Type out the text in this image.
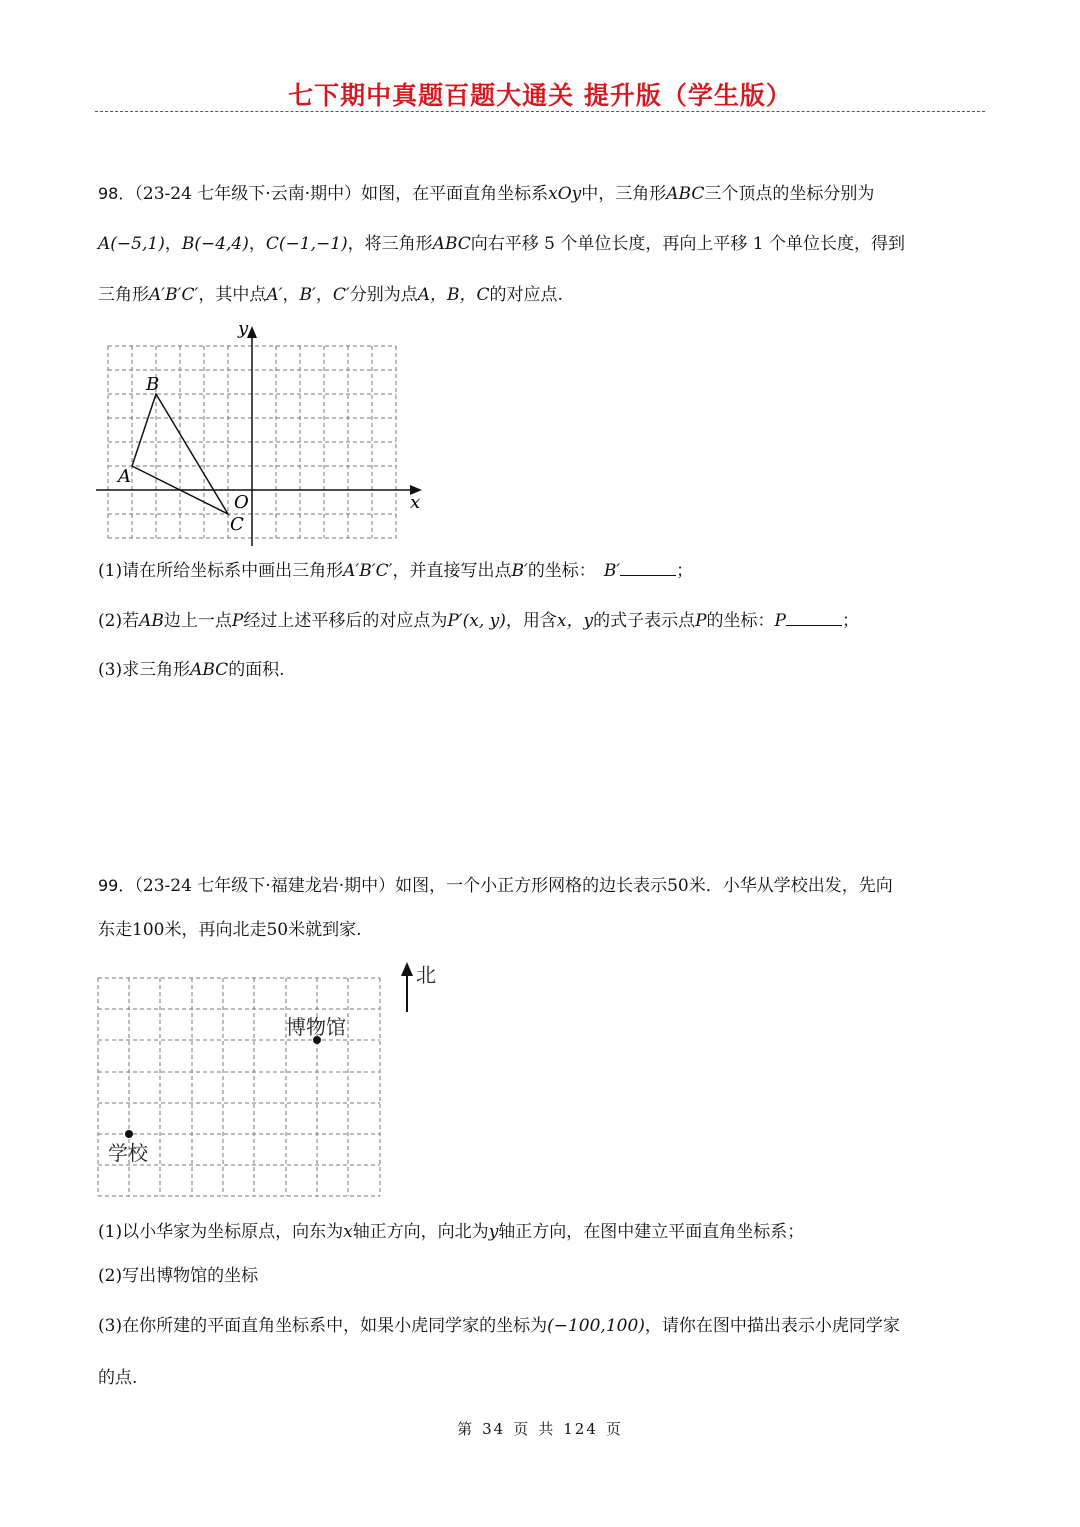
七下期中真题百题大通关 提升版（学生版）
98．（23-24 七年级下·云南·期中）如图，在平面直角坐标系xOy中，三角形ABC三个顶点的坐标分别为
A(−5,1)，B(−4,4)，C(−1,−1)，将三角形ABC向右平移 5 个单位长度，再向上平移 1 个单位长度，得到
三角形A′B′C′，其中点A′，B′，C′分别为点A，B，C的对应点.
y
x
O
A
B
C
(1)请在所给坐标系中画出三角形A′B′C′，并直接写出点B′的坐标： B′	；
(2)若AB边上一点P经过上述平移后的对应点为P′(x, y)，用含x，y的式子表示点P的坐标：P	；
(3)求三角形ABC的面积.
99．（23-24 七年级下·福建龙岩·期中）如图，一个小正方形网格的边长表示50米．小华从学校出发，先向
东走100米，再向北走50米就到家.
博物馆
学校
北
(1)以小华家为坐标原点，向东为x轴正方向，向北为y轴正方向，在图中建立平面直角坐标系；
(2)写出博物馆的坐标
(3)在你所建的平面直角坐标系中，如果小虎同学家的坐标为(−100,100)，请你在图中描出表示小虎同学家
的点.
第 34 页 共 124 页
